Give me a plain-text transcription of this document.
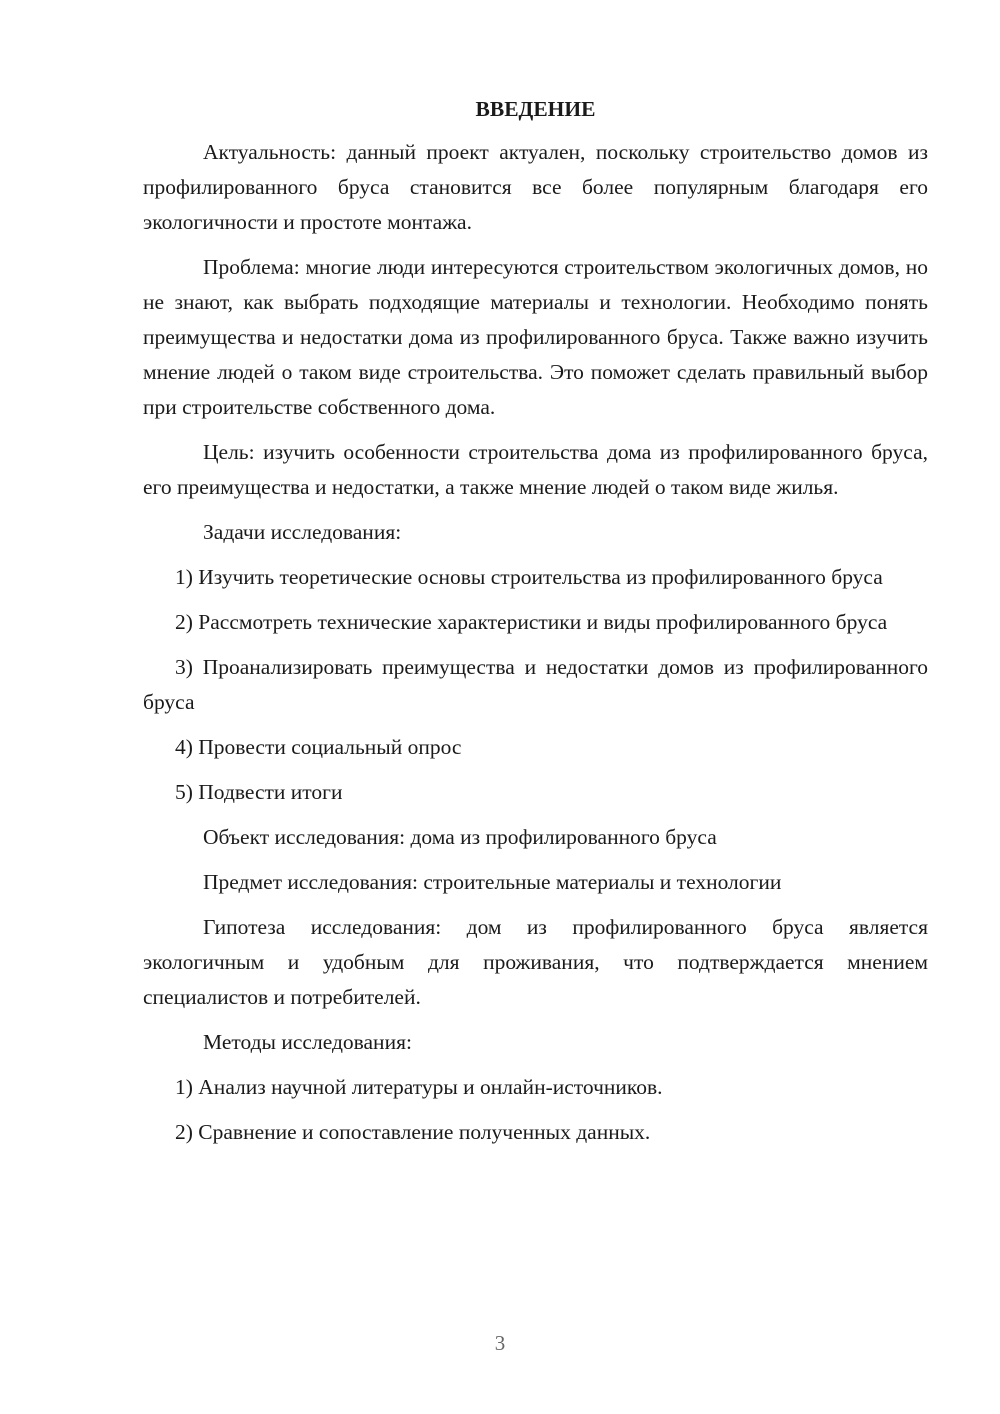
ВВЕДЕНИЕ

Актуальность: данный проект актуален, поскольку строительство домов из профилированного бруса становится все более популярным благодаря его экологичности и простоте монтажа.

Проблема: многие люди интересуются строительством экологичных домов, но не знают, как выбрать подходящие материалы и технологии. Необходимо понять преимущества и недостатки дома из профилированного бруса. Также важно изучить мнение людей о таком виде строительства. Это поможет сделать правильный выбор при строительстве собственного дома.

Цель: изучить особенности строительства дома из профилированного бруса, его преимущества и недостатки, а также мнение людей о таком виде жилья.

Задачи исследования:

1) Изучить теоретические основы строительства из профилированного бруса

2) Рассмотреть технические характеристики и виды профилированного бруса

3) Проанализировать преимущества и недостатки домов из профилированного бруса

4) Провести социальный опрос

5) Подвести итоги

Объект исследования: дома из профилированного бруса

Предмет исследования: строительные материалы и технологии

Гипотеза исследования: дом из профилированного бруса является экологичным и удобным для проживания, что подтверждается мнением специалистов и потребителей.

Методы исследования:

1) Анализ научной литературы и онлайн-источников.

2) Сравнение и сопоставление полученных данных.

3
